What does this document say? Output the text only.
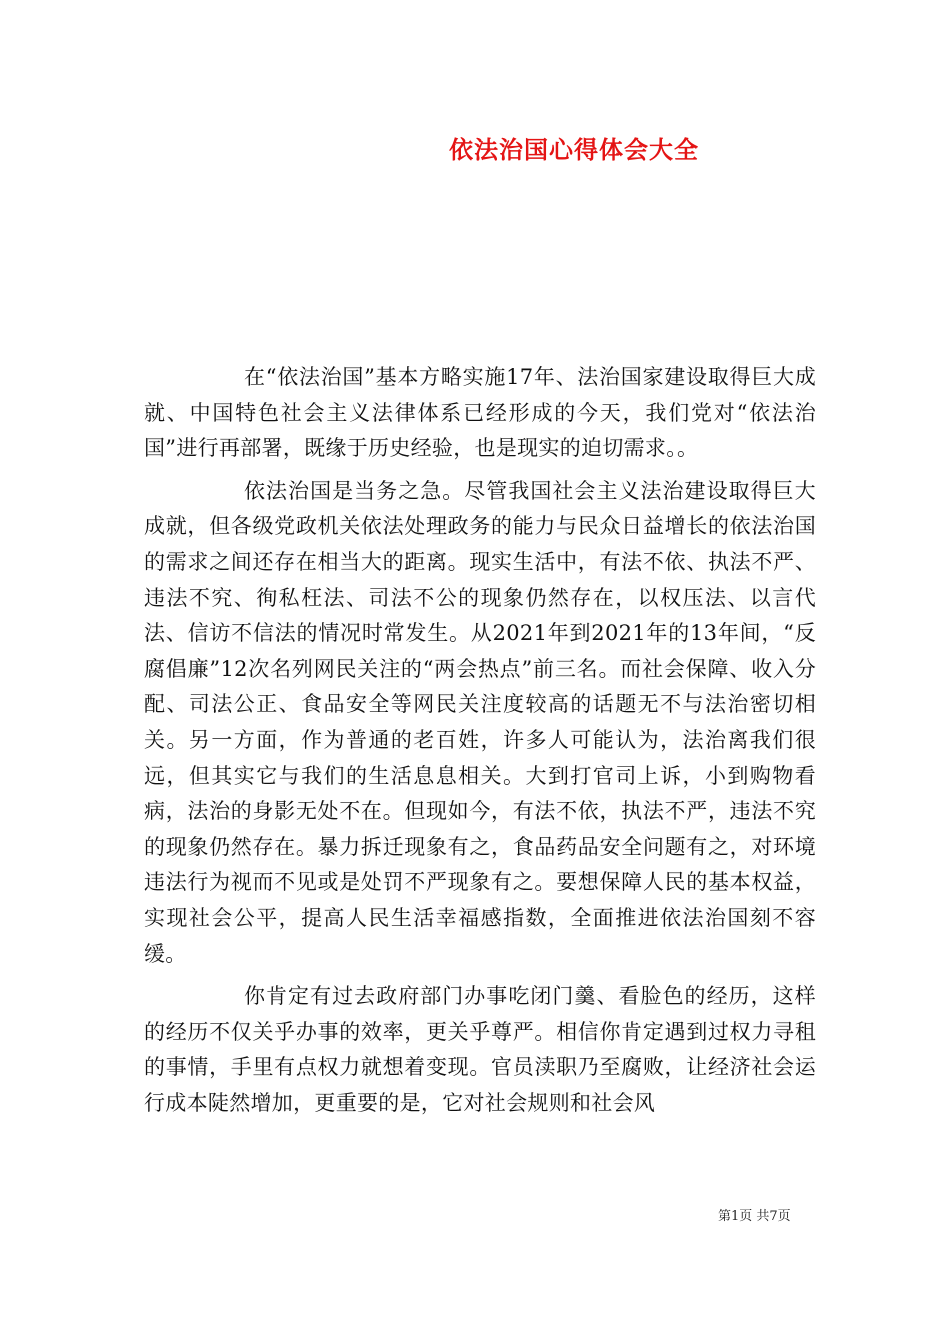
依法治国心得体会大全

在“依法治国”基本方略实施17年、法治国家建设取得巨大成就、中国特色社会主义法律体系已经形成的今天，我们党对“依法治国”进行再部署，既缘于历史经验，也是现实的迫切需求。。

依法治国是当务之急。尽管我国社会主义法治建设取得巨大成就，但各级党政机关依法处理政务的能力与民众日益增长的依法治国的需求之间还存在相当大的距离。现实生活中，有法不依、执法不严、违法不究、徇私枉法、司法不公的现象仍然存在，以权压法、以言代法、信访不信法的情况时常发生。从2021年到2021年的13年间，“反腐倡廉”12次名列网民关注的“两会热点”前三名。而社会保障、收入分配、司法公正、食品安全等网民关注度较高的话题无不与法治密切相关。另一方面，作为普通的老百姓，许多人可能认为，法治离我们很远，但其实它与我们的生活息息相关。大到打官司上诉，小到购物看病，法治的身影无处不在。但现如今，有法不依，执法不严，违法不究的现象仍然存在。暴力拆迁现象有之，食品药品安全问题有之，对环境违法行为视而不见或是处罚不严现象有之。要想保障人民的基本权益，实现社会公平，提高人民生活幸福感指数，全面推进依法治国刻不容缓。

你肯定有过去政府部门办事吃闭门羹、看脸色的经历，这样的经历不仅关乎办事的效率，更关乎尊严。相信你肯定遇到过权力寻租的事情，手里有点权力就想着变现。官员渎职乃至腐败，让经济社会运行成本陡然增加，更重要的是，它对社会规则和社会风

第1页 共7页
